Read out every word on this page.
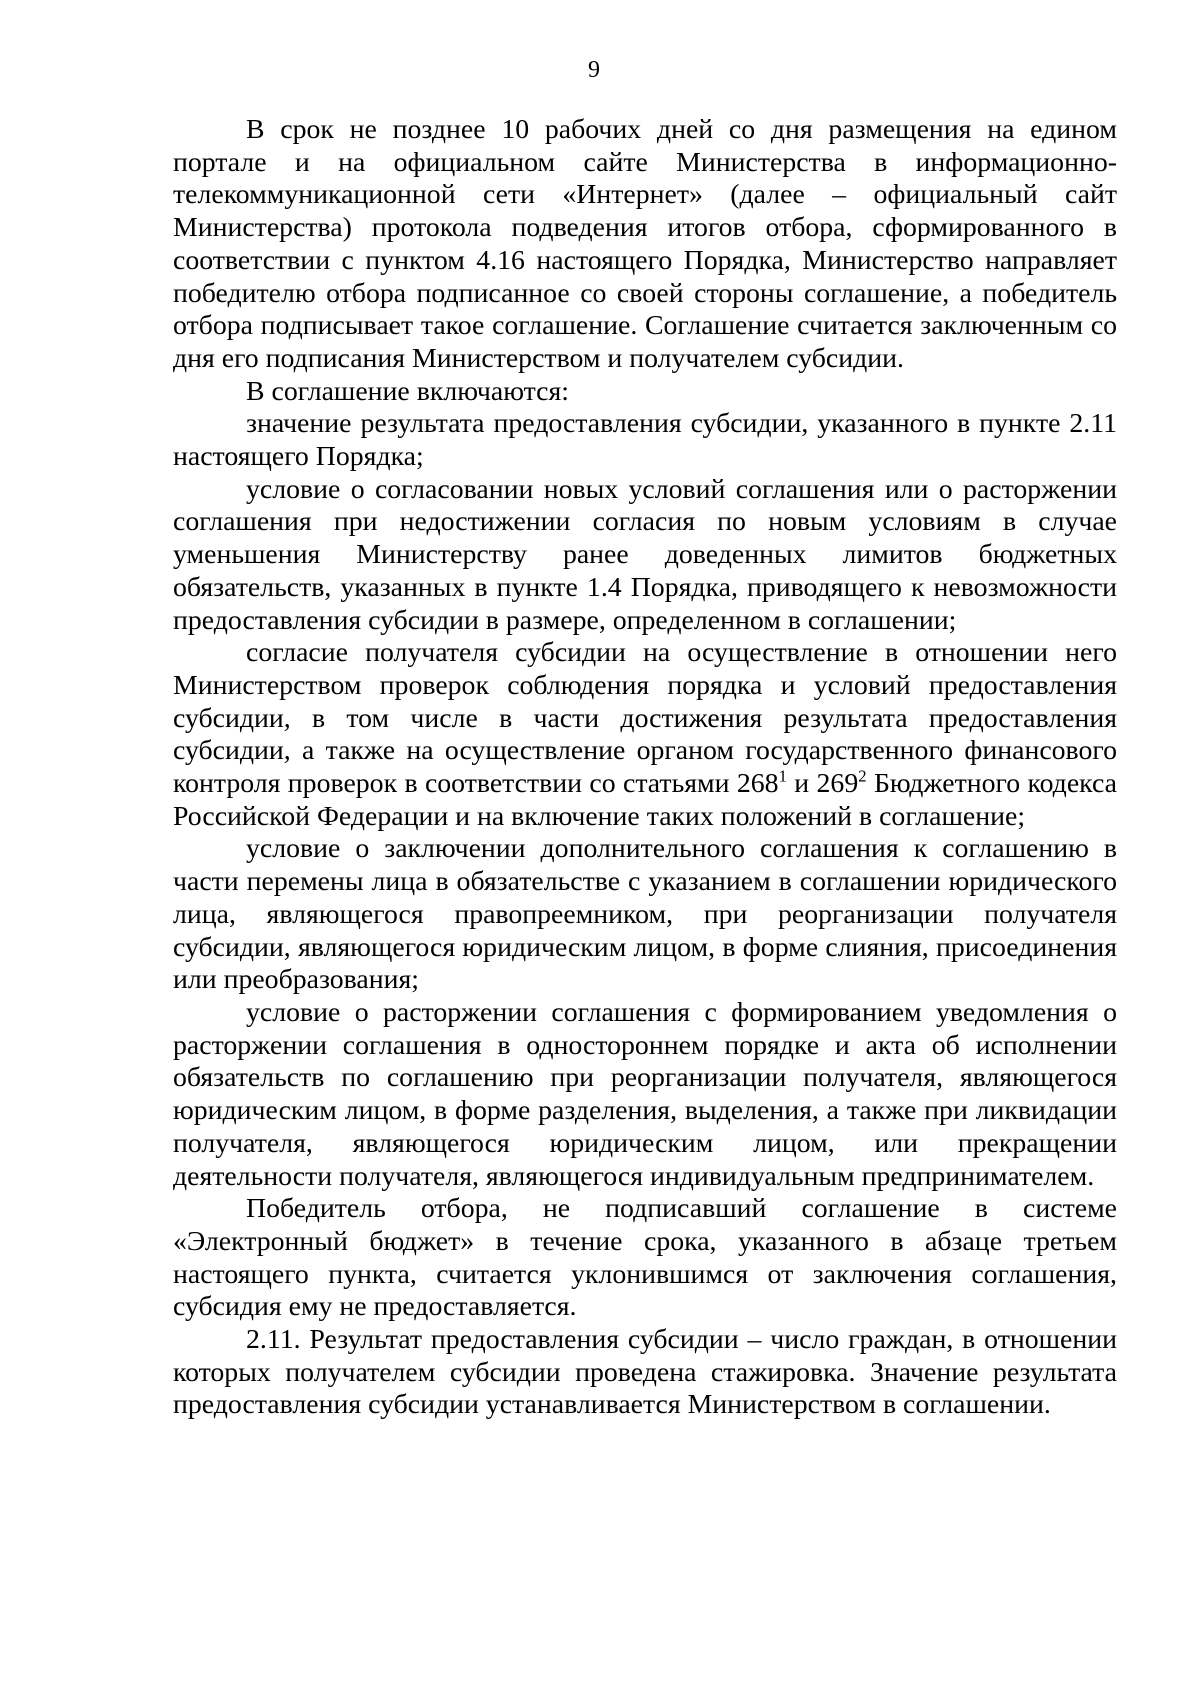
9

В срок не позднее 10 рабочих дней со дня размещения на едином портале и на официальном сайте Министерства в информационно-телекоммуникационной сети «Интернет» (далее – официальный сайт Министерства) протокола подведения итогов отбора, сформированного в соответствии с пунктом 4.16 настоящего Порядка, Министерство направляет победителю отбора подписанное со своей стороны соглашение, а победитель отбора подписывает такое соглашение. Соглашение считается заключенным со дня его подписания Министерством и получателем субсидии.

В соглашение включаются:

значение результата предоставления субсидии, указанного в пункте 2.11 настоящего Порядка;

условие о согласовании новых условий соглашения или о расторжении соглашения при недостижении согласия по новым условиям в случае уменьшения Министерству ранее доведенных лимитов бюджетных обязательств, указанных в пункте 1.4 Порядка, приводящего к невозможности предоставления субсидии в размере, определенном в соглашении;

согласие получателя субсидии на осуществление в отношении него Министерством проверок соблюдения порядка и условий предоставления субсидии, в том числе в части достижения результата предоставления субсидии, а также на осуществление органом государственного финансового контроля проверок в соответствии со статьями $268^1$ и $269^2$ Бюджетного кодекса Российской Федерации и на включение таких положений в соглашение;

условие о заключении дополнительного соглашения к соглашению в части перемены лица в обязательстве с указанием в соглашении юридического лица, являющегося правопреемником, при реорганизации получателя субсидии, являющегося юридическим лицом, в форме слияния, присоединения или преобразования;

условие о расторжении соглашения с формированием уведомления о расторжении соглашения в одностороннем порядке и акта об исполнении обязательств по соглашению при реорганизации получателя, являющегося юридическим лицом, в форме разделения, выделения, а также при ликвидации получателя, являющегося юридическим лицом, или прекращении деятельности получателя, являющегося индивидуальным предпринимателем.

Победитель отбора, не подписавший соглашение в системе «Электронный бюджет» в течение срока, указанного в абзаце третьем настоящего пункта, считается уклонившимся от заключения соглашения, субсидия ему не предоставляется.

2.11. Результат предоставления субсидии – число граждан, в отношении которых получателем субсидии проведена стажировка. Значение результата предоставления субсидии устанавливается Министерством в соглашении.
